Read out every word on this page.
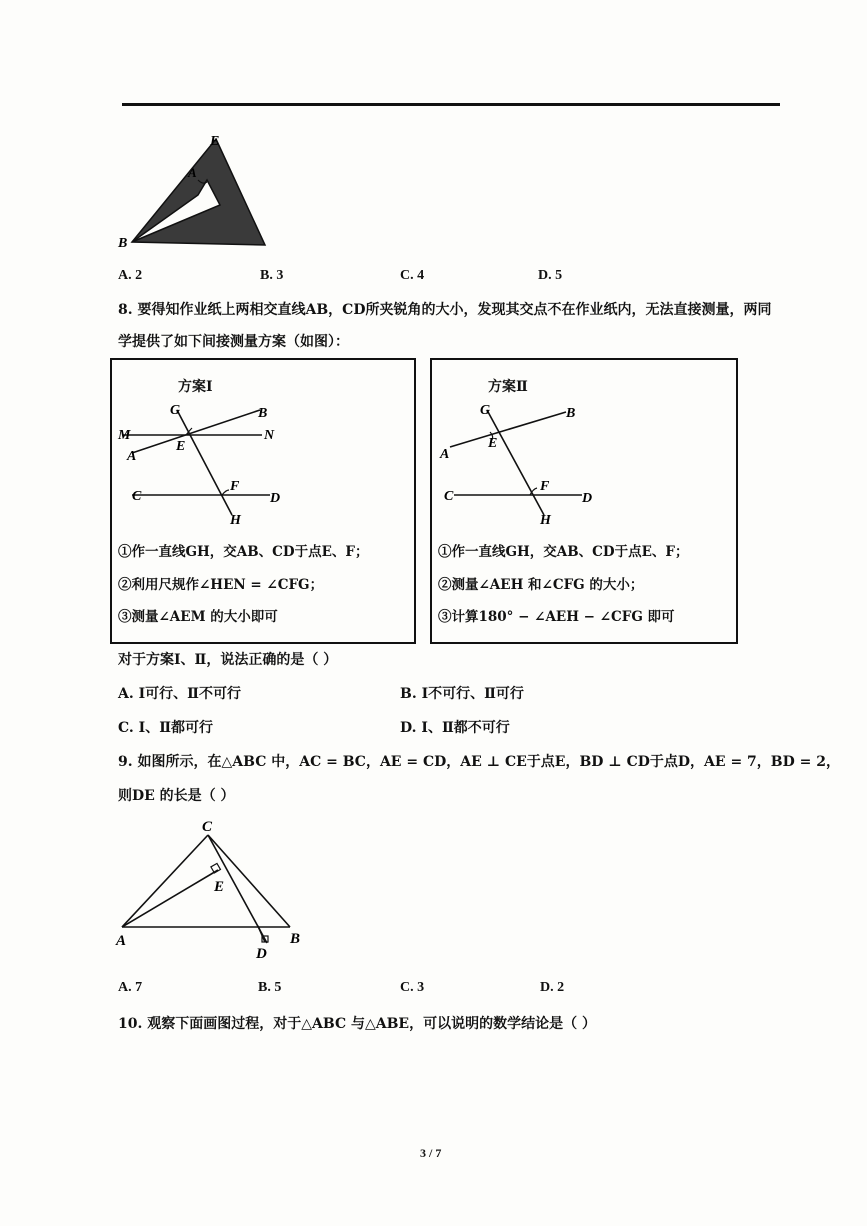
E
A
B
A. 2	B. 3	C. 4	D. 5
8. 要得知作业纸上两相交直线AB，CD所夹锐角的大小，发现其交点不在作业纸内，无法直接测量，两同
学提供了如下间接测量方案（如图）：
方案Ⅰ
G	B
M	N
A
E
C
F
D
H
①作一直线GH，交AB、CD于点E、F；
②利用尺规作∠HEN = ∠CFG；
③测量∠AEM 的大小即可
方案Ⅱ
G	B
A
E
C
F
D
H
①作一直线GH，交AB、CD于点E、F；
②测量∠AEH 和∠CFG 的大小；
③计算180° − ∠AEH − ∠CFG 即可
对于方案Ⅰ、Ⅱ，说法正确的是（ ）
A. Ⅰ可行、Ⅱ不可行	B. Ⅰ不可行、Ⅱ可行
C. Ⅰ、Ⅱ都可行	D. Ⅰ、Ⅱ都不可行
9. 如图所示，在△ABC 中，AC = BC，AE = CD，AE ⊥ CE于点E，BD ⊥ CD于点D，AE = 7，BD = 2，
则DE 的长是（ ）
C
E
A	B
D
A. 7	B. 5	C. 3	D. 2
10. 观察下面画图过程，对于△ABC 与△ABE，可以说明的数学结论是（ ）
3 / 7
